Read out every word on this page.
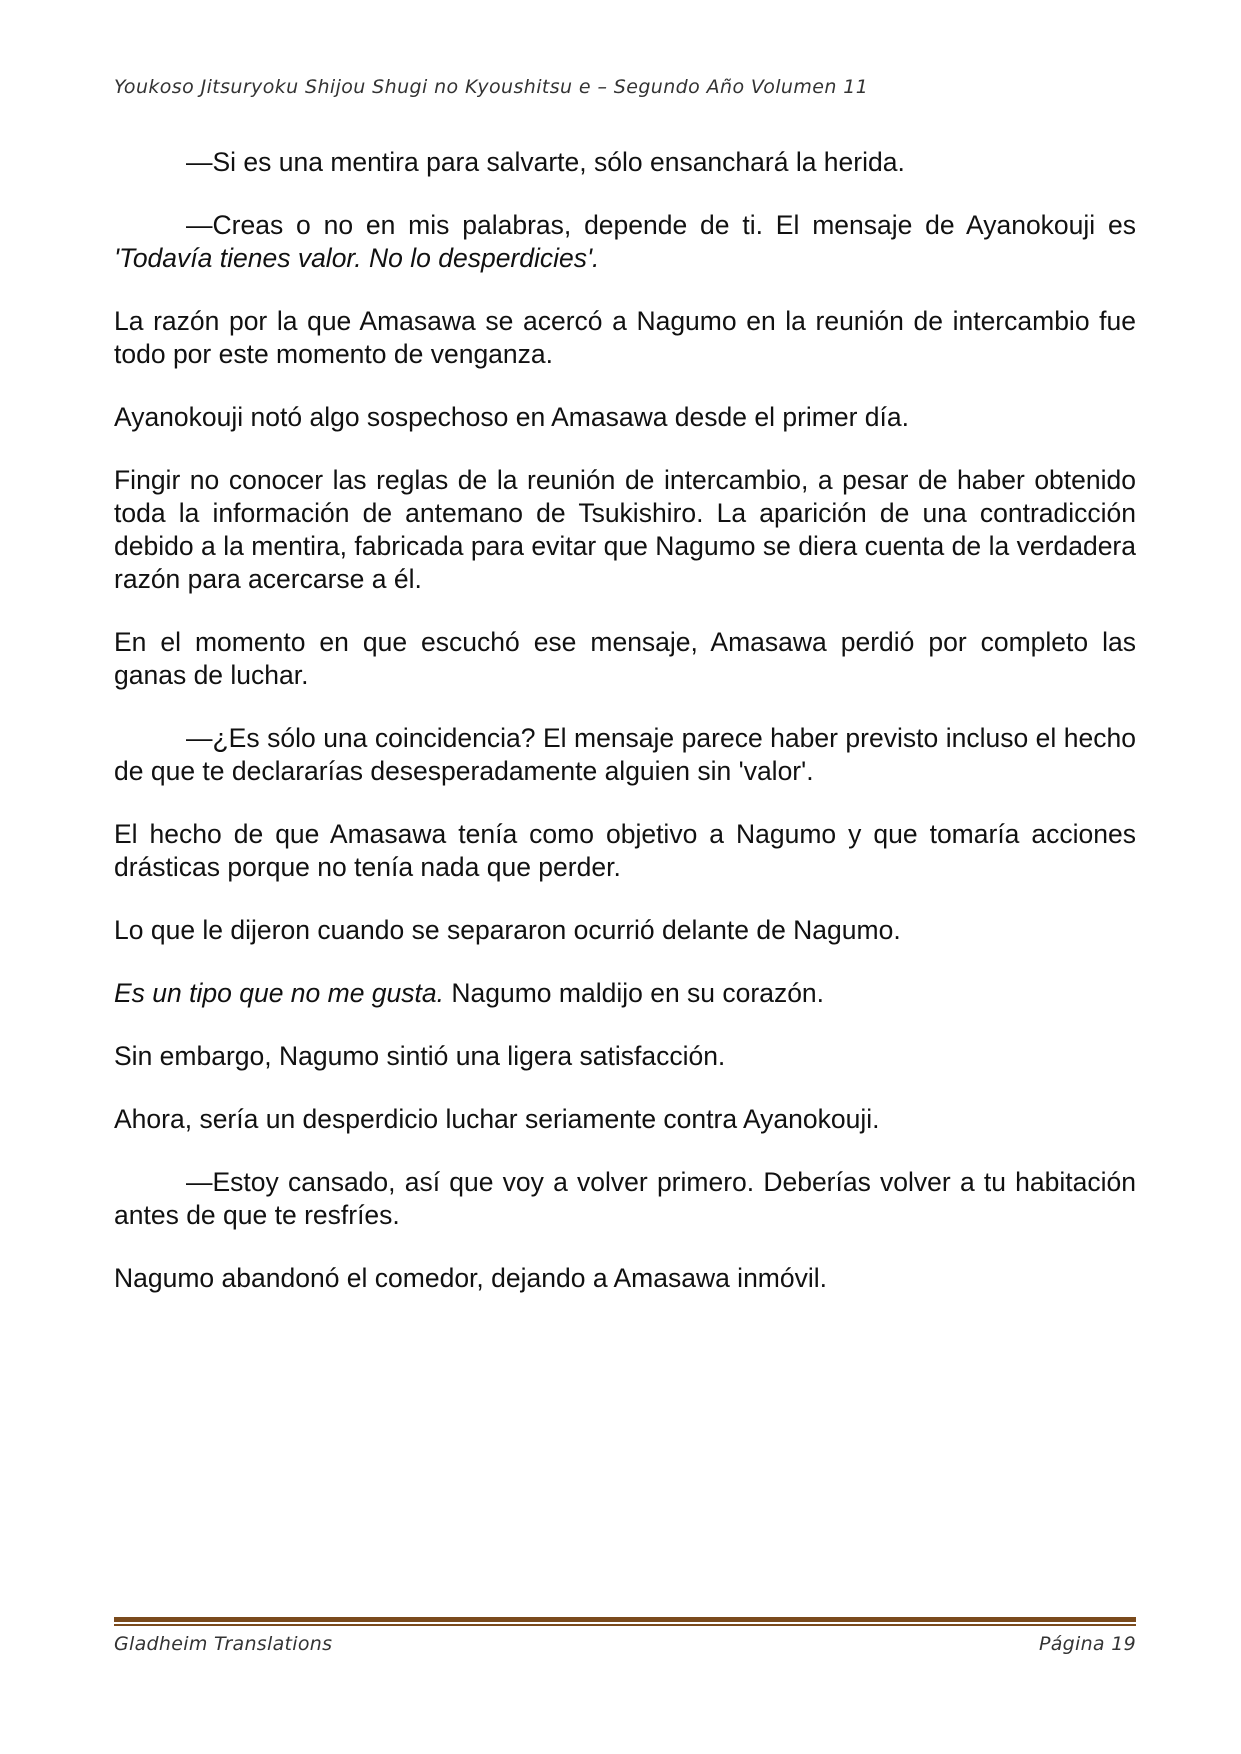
Youkoso Jitsuryoku Shijou Shugi no Kyoushitsu e – Segundo Año Volumen 11

—Si es una mentira para salvarte, sólo ensanchará la herida.

—Creas o no en mis palabras, depende de ti. El mensaje de Ayanokouji es 'Todavía tienes valor. No lo desperdicies'.

La razón por la que Amasawa se acercó a Nagumo en la reunión de intercambio fue todo por este momento de venganza.

Ayanokouji notó algo sospechoso en Amasawa desde el primer día.

Fingir no conocer las reglas de la reunión de intercambio, a pesar de haber obtenido toda la información de antemano de Tsukishiro. La aparición de una contradicción debido a la mentira, fabricada para evitar que Nagumo se diera cuenta de la verdadera razón para acercarse a él.

En el momento en que escuchó ese mensaje, Amasawa perdió por completo las ganas de luchar.

—¿Es sólo una coincidencia? El mensaje parece haber previsto incluso el hecho de que te declararías desesperadamente alguien sin 'valor'.

El hecho de que Amasawa tenía como objetivo a Nagumo y que tomaría acciones drásticas porque no tenía nada que perder.

Lo que le dijeron cuando se separaron ocurrió delante de Nagumo.

Es un tipo que no me gusta. Nagumo maldijo en su corazón.

Sin embargo, Nagumo sintió una ligera satisfacción.

Ahora, sería un desperdicio luchar seriamente contra Ayanokouji.

—Estoy cansado, así que voy a volver primero. Deberías volver a tu habitación antes de que te resfríes.

Nagumo abandonó el comedor, dejando a Amasawa inmóvil.

Gladheim Translations	Página 19
